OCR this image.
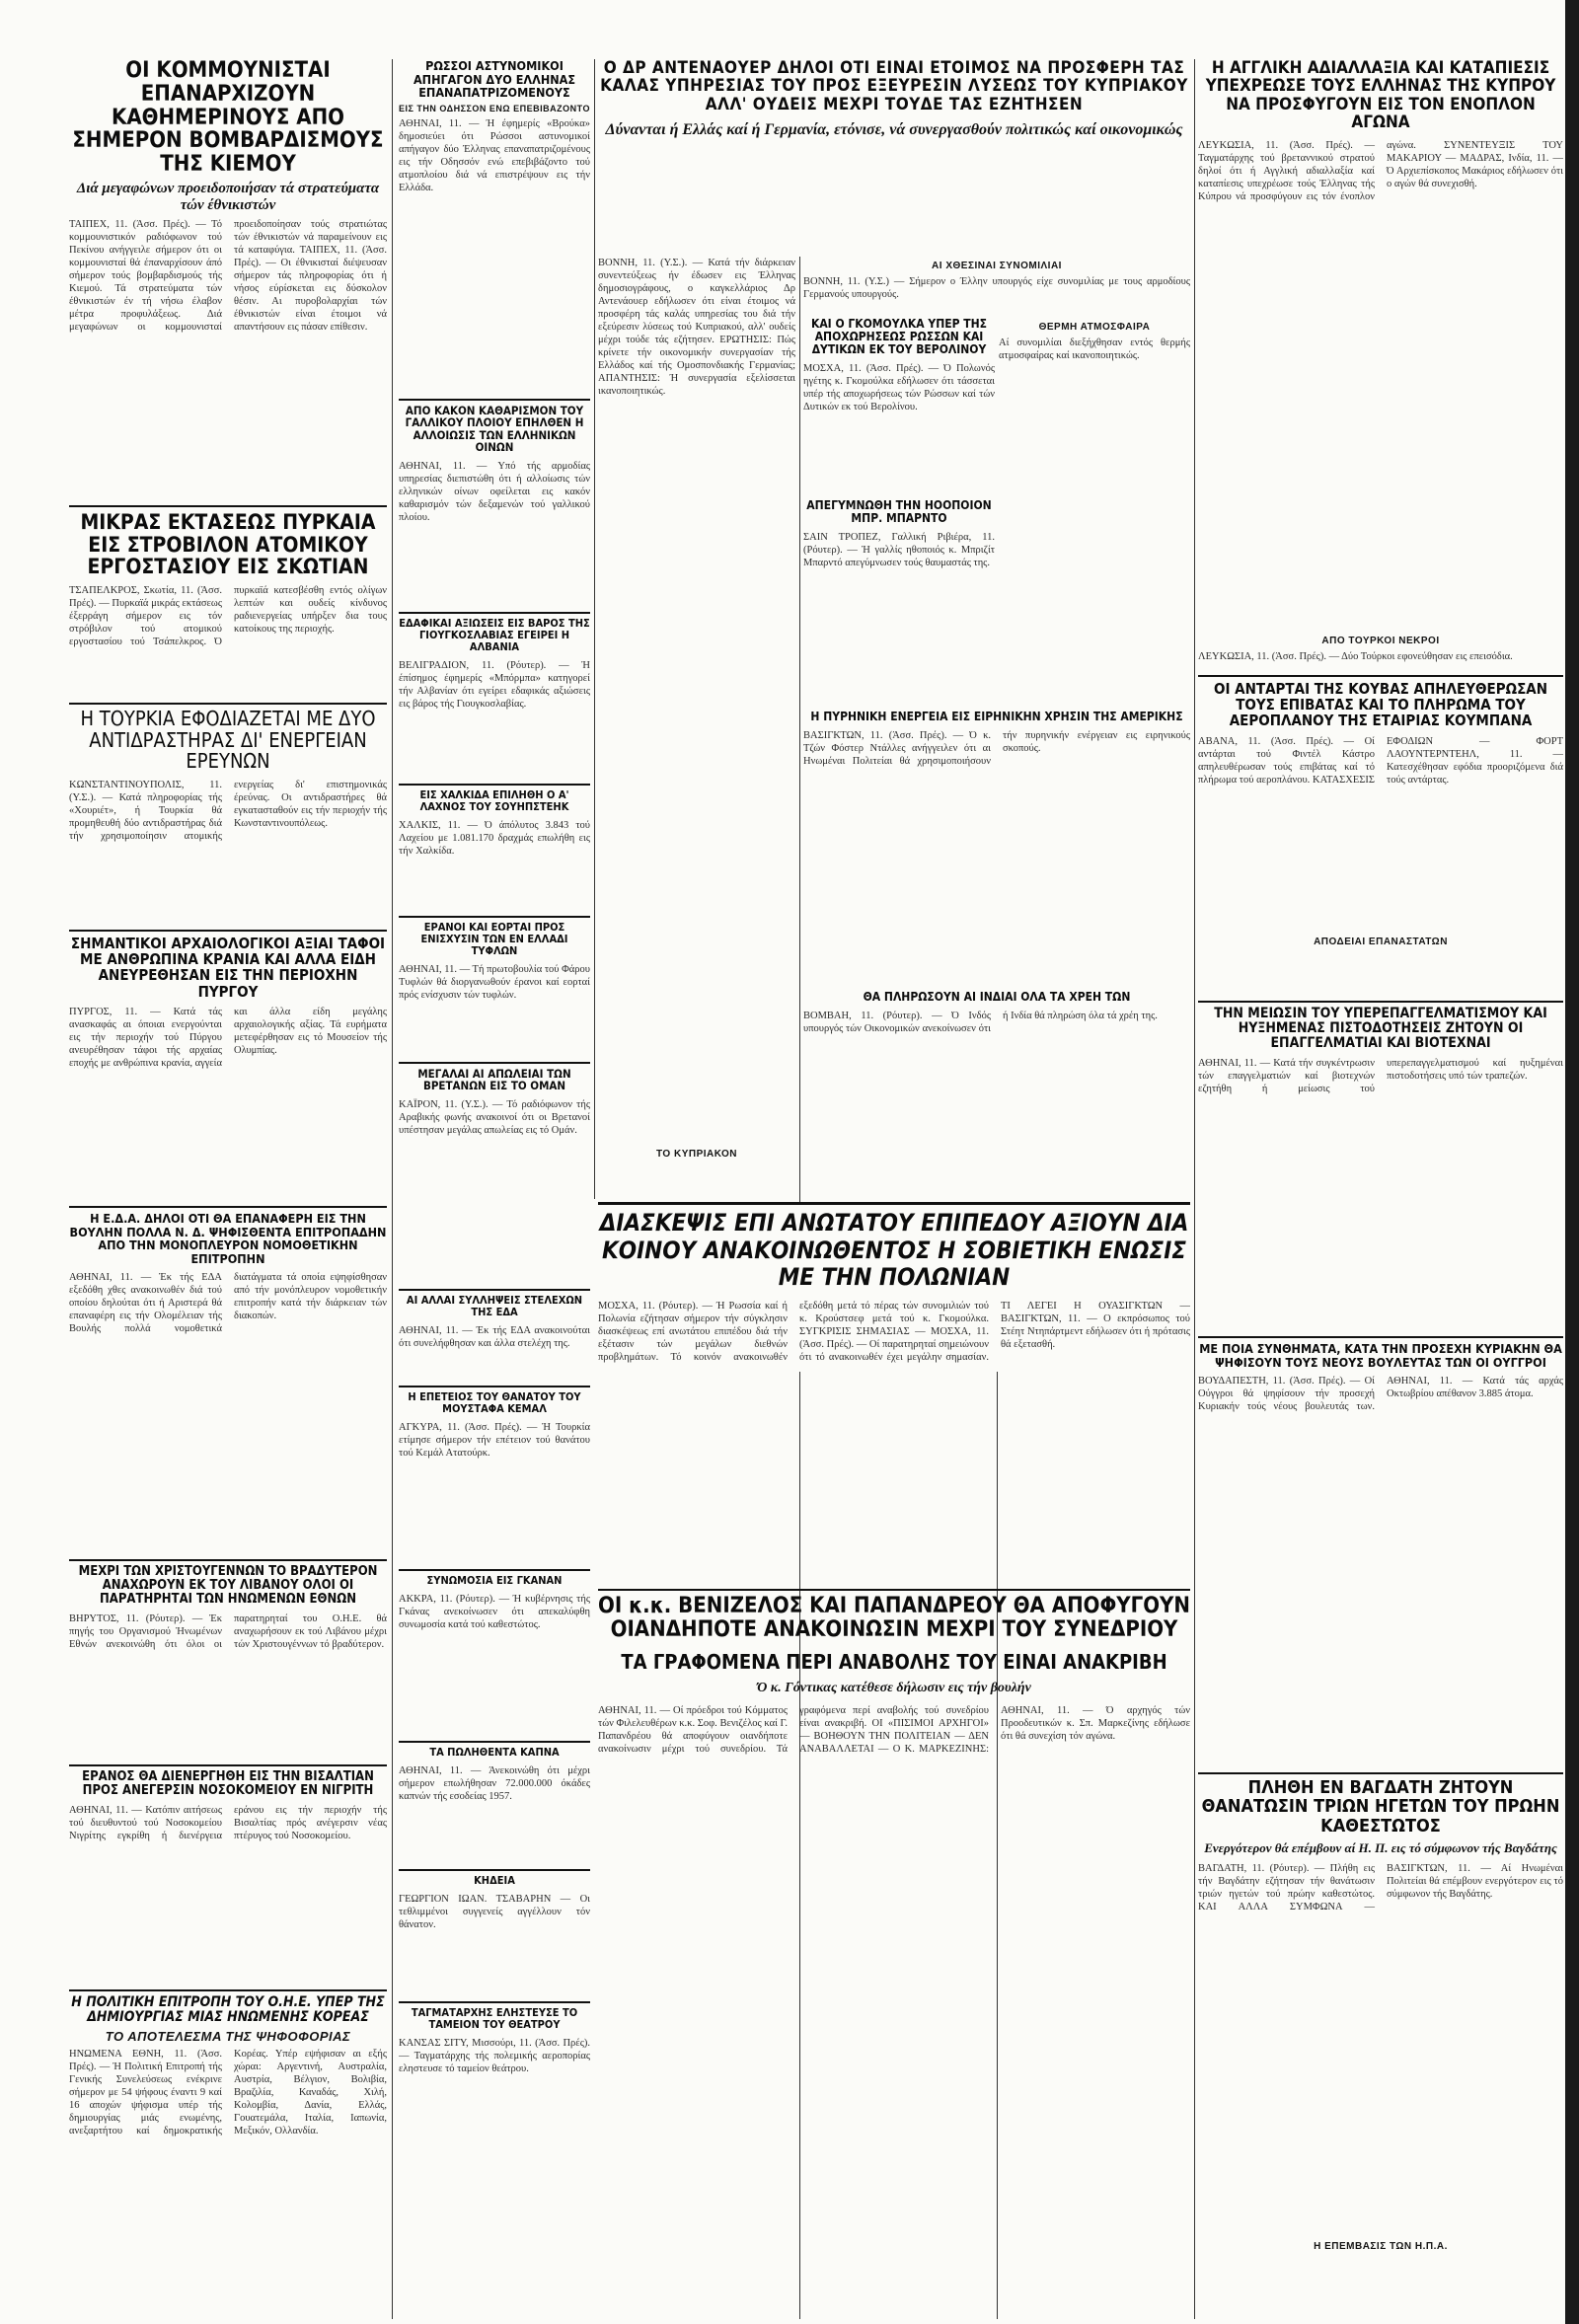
ΟΙ ΚΟΜΜΟΥΝΙΣΤΑΙ ΕΠΑΝΑΡΧΙΖΟΥΝ ΚΑΘΗΜΕΡΙΝΟΥΣ ΑΠΟ ΣΗΜΕΡΟΝ ΒΟΜΒΑΡΔΙΣΜΟΥΣ ΤΗΣ ΚΙΕΜΟΥ
Διά μεγαφώνων προειδοποιήσαν τά στρατεύματα τών έθνικιστών

ΤΑΙΠΕΧ, 11. (Άσσ. Πρές). — Τό κομμουνιστικόν ραδιόφωνον τού Πεκίνου ανήγγειλε σήμερον ότι οι κομμουνισταί θά έπαναρχίσουν άπό σήμερον τούς βομβαρδισμούς τής Κιεμού. Τά στρατεύματα τών έθνικιστών έν τή νήσω έλαβον μέτρα προφυλάξεως. Διά μεγαφώνων οι κομμουνισταί προειδοποίησαν τούς στρατιώτας τών έθνικιστών νά παραμείνουν εις τά καταφύγια. ΤΑΙΠΕΧ, 11. (Άσσ. Πρές). — Οι έθνικισταί διέψευσαν σήμερον τάς πληροφορίας ότι ή νήσος εύρίσκεται εις δύσκολον θέσιν. Αι πυροβολαρχίαι τών έθνικιστών είναι έτοιμοι νά απαντήσουν εις πάσαν επίθεσιν.

ΜΙΚΡΑΣ ΕΚΤΑΣΕΩΣ ΠΥΡΚΑΙΑ ΕΙΣ ΣΤΡΟΒΙΛΟΝ ΑΤΟΜΙΚΟΥ ΕΡΓΟΣΤΑΣΙΟΥ ΕΙΣ ΣΚΩΤΙΑΝ

ΤΣΑΠΕΛΚΡΟΣ, Σκωτία, 11. (Άσσ. Πρές). — Πυρκαϊά μικράς εκτάσεως έξερράγη σήμερον εις τόν στρόβιλον τού ατομικού εργοστασίου τού Τσάπελκρος. Ό πυρκαϊά κατεσβέσθη εντός ολίγων λεπτών και ουδείς κίνδυνος ραδιενεργείας υπήρξεν δια τους κατοίκους της περιοχής.

Η ΤΟΥΡΚΙΑ ΕΦΟΔΙΑΖΕΤΑΙ ΜΕ ΔΥΟ ΑΝΤΙΔΡΑΣΤΗΡΑΣ ΔΙ' ΕΝΕΡΓΕΙΑΝ ΕΡΕΥΝΩΝ

ΚΩΝΣΤΑΝΤΙΝΟΥΠΟΛΙΣ, 11. (Υ.Σ.). — Κατά πληροφορίας τής «Χουριέτ», ή Τουρκία θά προμηθευθή δύο αντιδραστήρας διά τήν χρησιμοποίησιν ατομικής ενεργείας δι' επιστημονικάς έρεύνας. Οι αντιδραστήρες θά εγκατασταθούν εις τήν περιοχήν τής Κωνσταντινουπόλεως.

ΣΗΜΑΝΤΙΚΟΙ ΑΡΧΑΙΟΛΟΓΙΚΟΙ ΑΞΙΑΙ ΤΑΦΟΙ ΜΕ ΑΝΘΡΩΠΙΝΑ ΚΡΑΝΙΑ ΚΑΙ ΑΛΛΑ ΕΙΔΗ ΑΝΕΥΡΕΘΗΣΑΝ ΕΙΣ ΤΗΝ ΠΕΡΙΟΧΗΝ ΠΥΡΓΟΥ

ΠΥΡΓΟΣ, 11. — Κατά τάς ανασκαφάς αι όποιαι ενεργούνται εις τήν περιοχήν τού Πύργου ανευρέθησαν τάφοι τής αρχαίας εποχής με ανθρώπινα κρανία, αγγεία και άλλα είδη μεγάλης αρχαιολογικής αξίας. Τά ευρήματα μετεφέρθησαν εις τό Μουσείον τής Ολυμπίας.

Η Ε.Δ.Α. ΔΗΛΟΙ ΟΤΙ ΘΑ ΕΠΑΝΑΦΕΡΗ ΕΙΣ ΤΗΝ ΒΟΥΛΗΝ ΠΟΛΛΑ Ν. Δ. ΨΗΦΙΣΘΕΝΤΑ ΕΠΙΤΡΟΠΑΔΗΝ ΑΠΟ ΤΗΝ ΜΟΝΟΠΛΕΥΡΟΝ ΝΟΜΟΘΕΤΙΚΗΝ ΕΠΙΤΡΟΠΗΝ

ΑΘΗΝΑΙ, 11. — Έκ τής ΕΔΑ εξεδόθη χθες ανακοινωθέν διά τού οποίου δηλούται ότι ή Αριστερά θά επαναφέρη εις τήν Ολομέλειαν τής Βουλής πολλά νομοθετικά διατάγματα τά οποία εψηφίσθησαν από τήν μονόπλευρον νομοθετικήν επιτροπήν κατά τήν διάρκειαν τών διακοπών.

ΜΕΧΡΙ ΤΩΝ ΧΡΙΣΤΟΥΓΕΝΝΩΝ ΤΟ ΒΡΑΔΥΤΕΡΟΝ ΑΝΑΧΩΡΟΥΝ ΕΚ ΤΟΥ ΛΙΒΑΝΟΥ ΟΛΟΙ ΟΙ ΠΑΡΑΤΗΡΗΤΑΙ ΤΩΝ ΗΝΩΜΕΝΩΝ ΕΘΝΩΝ

ΒΗΡΥΤΟΣ, 11. (Ρόυτερ). — Έκ πηγής του Οργανισμού Ήνωμένων Εθνών ανεκοινώθη ότι όλοι οι παρατηρηταί του Ο.Η.Ε. θά αναχωρήσουν εκ τού Λιβάνου μέχρι τών Χριστουγέννων τό βραδύτερον.

ΕΡΑΝΟΣ ΘΑ ΔΙΕΝΕΡΓΗΘΗ ΕΙΣ ΤΗΝ ΒΙΣΑΛΤΙΑΝ ΠΡΟΣ ΑΝΕΓΕΡΣΙΝ ΝΟΣΟΚΟΜΕΙΟΥ ΕΝ ΝΙΓΡΙΤΗ

ΑΘΗΝΑΙ, 11. — Κατόπιν αιτήσεως τού διευθυντού τού Νοσοκομείου Νιγρίτης εγκρίθη ή διενέργεια εράνου εις τήν περιοχήν τής Βισαλτίας πρός ανέγερσιν νέας πτέρυγος τού Νοσοκομείου.

Η ΠΟΛΙΤΙΚΗ ΕΠΙΤΡΟΠΗ ΤΟΥ Ο.Η.Ε. ΥΠΕΡ ΤΗΣ ΔΗΜΙΟΥΡΓΙΑΣ ΜΙΑΣ ΗΝΩΜΕΝΗΣ ΚΟΡΕΑΣ
ΤΟ ΑΠΟΤΕΛΕΣΜΑ ΤΗΣ ΨΗΦΟΦΟΡΙΑΣ

ΗΝΩΜΕΝΑ ΕΘΝΗ, 11. (Άσσ. Πρές). — Ή Πολιτική Επιτροπή τής Γενικής Συνελεύσεως ενέκρινε σήμερον με 54 ψήφους έναντι 9 καί 16 αποχών ψήφισμα υπέρ τής δημιουργίας μιάς ενωμένης, ανεξαρτήτου καί δημοκρατικής Κορέας. Υπέρ εψήφισαν αι εξής χώραι: Αργεντινή, Αυστραλία, Αυστρία, Βέλγιον, Βολιβία, Βραζιλία, Καναδάς, Χιλή, Κολομβία, Δανία, Ελλάς, Γουατεμάλα, Ιταλία, Ιαπωνία, Μεξικόν, Ολλανδία.

ΡΩΣΣΟΙ ΑΣΤΥΝΟΜΙΚΟΙ ΑΠΗΓΑΓΟΝ ΔΥΟ ΕΛΛΗΝΑΣ ΕΠΑΝΑΠΑΤΡΙΖΟΜΕΝΟΥΣ
ΕΙΣ ΤΗΝ ΟΔΗΣΣΟΝ ΕΝΩ ΕΠΕΒΙΒΑΖΟΝΤΟ

ΑΘΗΝΑΙ, 11. — Ή έφημερίς «Βρούκα» δημοσιεύει ότι Ρώσσοι αστυνομικοί απήγαγον δύο Έλληνας επαναπατριζομένους εις τήν Οδησσόν ενώ επεβιβάζοντο τού ατμοπλοίου διά νά επιστρέψουν εις τήν Ελλάδα.

ΑΠΟ ΚΑΚΟΝ ΚΑΘΑΡΙΣΜΟΝ ΤΟΥ ΓΑΛΛΙΚΟΥ ΠΛΟΙΟΥ ΕΠΗΛΘΕΝ Η ΑΛΛΟΙΩΣΙΣ ΤΩΝ ΕΛΛΗΝΙΚΩΝ ΟΙΝΩΝ

ΑΘΗΝΑΙ, 11. — Υπό τής αρμοδίας υπηρεσίας διεπιστώθη ότι ή αλλοίωσις τών ελληνικών οίνων οφείλεται εις κακόν καθαρισμόν τών δεξαμενών τού γαλλικού πλοίου.

ΕΔΑΦΙΚΑΙ ΑΞΙΩΣΕΙΣ ΕΙΣ ΒΑΡΟΣ ΤΗΣ ΓΙΟΥΓΚΟΣΛΑΒΙΑΣ ΕΓΕΙΡΕΙ Η ΑΛΒΑΝΙΑ

ΒΕΛΙΓΡΑΔΙΟΝ, 11. (Ρόυτερ). — Ή έπίσημος έφημερίς «Μπόρμπα» κατηγορεί τήν Αλβανίαν ότι εγείρει εδαφικάς αξιώσεις εις βάρος τής Γιουγκοσλαβίας.

ΕΙΣ ΧΑΛΚΙΔΑ ΕΠΙΛΗΘΗ Ο Α' ΛΑΧΝΟΣ ΤΟΥ ΣΟΥΗΠΣΤΕΗΚ

ΧΑΛΚΙΣ, 11. — Ό άπόλυτος 3.843 τού Λαχείου με 1.081.170 δραχμάς επωλήθη εις τήν Χαλκίδα.

ΕΡΑΝΟΙ ΚΑΙ ΕΟΡΤΑΙ ΠΡΟΣ ΕΝΙΣΧΥΣΙΝ ΤΩΝ ΕΝ ΕΛΛΑΔΙ ΤΥΦΛΩΝ

ΑΘΗΝΑΙ, 11. — Τή πρωτοβουλία τού Φάρου Τυφλών θά διοργανωθούν έρανοι καί εορταί πρός ενίσχυσιν τών τυφλών.

ΜΕΓΑΛΑΙ ΑΙ ΑΠΩΛΕΙΑΙ ΤΩΝ ΒΡΕΤΑΝΩΝ ΕΙΣ ΤΟ ΟΜΑΝ

ΚΑΪΡΟΝ, 11. (Υ.Σ.). — Τό ραδιόφωνον τής Αραβικής φωνής ανακοινοί ότι οι Βρετανοί υπέστησαν μεγάλας απωλείας εις τό Ομάν.

ΑΙ ΑΛΛΑΙ ΣΥΛΛΗΨΕΙΣ ΣΤΕΛΕΧΩΝ ΤΗΣ ΕΔΑ

ΑΘΗΝΑΙ, 11. — Έκ τής ΕΔΑ ανακοινούται ότι συνελήφθησαν και άλλα στελέχη της.

Η ΕΠΕΤΕΙΟΣ ΤΟΥ ΘΑΝΑΤΟΥ ΤΟΥ ΜΟΥΣΤΑΦΑ ΚΕΜΑΛ

ΑΓΚΥΡΑ, 11. (Άσσ. Πρές). — Ή Τουρκία ετίμησε σήμερον τήν επέτειον τού θανάτου τού Κεμάλ Ατατούρκ.

ΣΥΝΩΜΟΣΙΑ ΕΙΣ ΓΚΑΝΑΝ

ΑΚΚΡΑ, 11. (Ρόυτερ). — Ή κυβέρνησις τής Γκάνας ανεκοίνωσεν ότι απεκαλύφθη συνωμοσία κατά τού καθεστώτος.

ΤΑ ΠΩΛΗΘΕΝΤΑ ΚΑΠΝΑ

ΑΘΗΝΑΙ, 11. — Άνεκοινώθη ότι μέχρι σήμερον επωλήθησαν 72.000.000 όκάδες καπνών τής εσοδείας 1957.

ΚΗΔΕΙΑ

ΓΕΩΡΓΙΟΝ ΙΩΑΝ. ΤΣΑΒΑΡΗΝ — Οι τεθλιμμένοι συγγενείς αγγέλλουν τόν θάνατον.

ΤΑΓΜΑΤΑΡΧΗΣ ΕΛΗΣΤΕΥΣΕ ΤΟ ΤΑΜΕΙΟΝ ΤΟΥ ΘΕΑΤΡΟΥ

ΚΑΝΣΑΣ ΣΙΤΥ, Μισσούρι, 11. (Άσσ. Πρές). — Ταγματάρχης τής πολεμικής αεροπορίας εληστευσε τό ταμείον θεάτρου.

Ο ΔΡ ΑΝΤΕΝΑΟΥΕΡ ΔΗΛΟΙ ΟΤΙ ΕΙΝΑΙ ΕΤΟΙΜΟΣ ΝΑ ΠΡΟΣΦΕΡΗ ΤΑΣ ΚΑΛΑΣ ΥΠΗΡΕΣΙΑΣ ΤΟΥ ΠΡΟΣ ΕΞΕΥΡΕΣΙΝ ΛΥΣΕΩΣ ΤΟΥ ΚΥΠΡΙΑΚΟΥ ΑΛΛ' ΟΥΔΕΙΣ ΜΕΧΡΙ ΤΟΥΔΕ ΤΑΣ ΕΖΗΤΗΣΕΝ
Δύνανται ή Ελλάς καί ή Γερμανία, ετόνισε, νά συνεργασθούν πολιτικώς καί οικονομικώς

ΒΟΝΝΗ, 11. (Υ.Σ.). — Κατά τήν διάρκειαν συνεντεύξεως ήν έδωσεν εις Έλληνας δημοσιογράφους, ο καγκελλάριος Δρ Αντενάουερ εδήλωσεν ότι είναι έτοιμος νά προσφέρη τάς καλάς υπηρεσίας του διά τήν εξεύρεσιν λύσεως τού Κυπριακού, αλλ' ουδείς μέχρι τούδε τάς εζήτησεν. ΕΡΩΤΗΣΙΣ: Πώς κρίνετε τήν οικονομικήν συνεργασίαν τής Ελλάδος καί τής Ομοσπονδιακής Γερμανίας; ΑΠΑΝΤΗΣΙΣ: Ή συνεργασία εξελίσσεται ικανοποιητικώς.

ΤΟ ΚΥΠΡΙΑΚΟΝ
ΑΙ ΧΘΕΣΙΝΑΙ ΣΥΝΟΜΙΛΙΑΙ

ΒΟΝΝΗ, 11. (Υ.Σ.) — Σήμερον ο Έλλην υπουργός είχε συνομιλίας με τους αρμοδίους Γερμανούς υπουργούς.

ΚΑΙ Ο ΓΚΟΜΟΥΛΚΑ ΥΠΕΡ ΤΗΣ ΑΠΟΧΩΡΗΣΕΩΣ ΡΩΣΣΩΝ ΚΑΙ ΔΥΤΙΚΩΝ ΕΚ ΤΟΥ ΒΕΡΟΛΙΝΟΥ

ΜΟΣΧΑ, 11. (Άσσ. Πρές). — Ό Πολωνός ηγέτης κ. Γκομούλκα εδήλωσεν ότι τάσσεται υπέρ τής αποχωρήσεως τών Ρώσσων καί τών Δυτικών εκ τού Βερολίνου.

ΑΠΕΓΥΜΝΩΘΗ ΤΗΝ ΗΟΟΠΟΙΟΝ ΜΠΡ. ΜΠΑΡΝΤΟ

ΣΑΙΝ ΤΡΟΠΕΖ, Γαλλική Ριβιέρα, 11. (Ρόυτερ). — Ή γαλλίς ηθοποιός κ. Μπριζίτ Μπαρντό απεγύμνωσεν τούς θαυμαστάς της.

ΘΕΡΜΗ ΑΤΜΟΣΦΑΙΡΑ

Αί συνομιλίαι διεξήχθησαν εντός θερμής ατμοσφαίρας καί ικανοποιητικώς.

Η ΠΥΡΗΝΙΚΗ ΕΝΕΡΓΕΙΑ ΕΙΣ ΕΙΡΗΝΙΚΗΝ ΧΡΗΣΙΝ ΤΗΣ ΑΜΕΡΙΚΗΣ

ΒΑΣΙΓΚΤΩΝ, 11. (Άσσ. Πρές). — Ό κ. Τζών Φόστερ Ντάλλες ανήγγειλεν ότι αι Ηνωμέναι Πολιτείαι θά χρησιμοποιήσουν τήν πυρηνικήν ενέργειαν εις ειρηνικούς σκοπούς.

ΘΑ ΠΛΗΡΩΣΟΥΝ ΑΙ ΙΝΔΙΑΙ ΟΛΑ ΤΑ ΧΡΕΗ ΤΩΝ

ΒΟΜΒΑΗ, 11. (Ρόυτερ). — Ό Ινδός υπουργός τών Οικονομικών ανεκοίνωσεν ότι ή Ινδία θά πληρώση όλα τά χρέη της.

ΔΙΑΣΚΕΨΙΣ ΕΠΙ ΑΝΩΤΑΤΟΥ ΕΠΙΠΕΔΟΥ ΑΞΙΟΥΝ ΔΙΑ ΚΟΙΝΟΥ ΑΝΑΚΟΙΝΩΘΕΝΤΟΣ Η ΣΟΒΙΕΤΙΚΗ ΕΝΩΣΙΣ ΜΕ ΤΗΝ ΠΟΛΩΝΙΑΝ

ΜΟΣΧΑ, 11. (Ρόυτερ). — Ή Ρωσσία καί ή Πολωνία εζήτησαν σήμερον τήν σύγκλησιν διασκέψεως επί ανωτάτου επιπέδου διά τήν εξέτασιν τών μεγάλων διεθνών προβλημάτων. Τό κοινόν ανακοινωθέν εξεδόθη μετά τό πέρας τών συνομιλιών τού κ. Κρούστσεφ μετά τού κ. Γκομούλκα. ΣΥΓΚΡΙΣΙΣ ΣΗΜΑΣΙΑΣ — ΜΟΣΧΑ, 11. (Άσσ. Πρές). — Οί παρατηρηταί σημειώνουν ότι τό ανακοινωθέν έχει μεγάλην σημασίαν. ΤΙ ΛΕΓΕΙ Η ΟΥΑΣΙΓΚΤΩΝ — ΒΑΣΙΓΚΤΩΝ, 11. — Ο εκπρόσωπος τού Στέητ Ντηπάρτμεντ εδήλωσεν ότι ή πρότασις θά εξετασθή.

ΟΙ κ.κ. ΒΕΝΙΖΕΛΟΣ ΚΑΙ ΠΑΠΑΝΔΡΕΟΥ ΘΑ ΑΠΟΦΥΓΟΥΝ ΟΙΑΝΔΗΠΟΤΕ ΑΝΑΚΟΙΝΩΣΙΝ ΜΕΧΡΙ ΤΟΥ ΣΥΝΕΔΡΙΟΥ
ΤΑ ΓΡΑΦΟΜΕΝΑ ΠΕΡΙ ΑΝΑΒΟΛΗΣ ΤΟΥ ΕΙΝΑΙ ΑΝΑΚΡΙΒΗ
Ό κ. Γόντικας κατέθεσε δήλωσιν εις τήν βουλήν

ΑΘΗΝΑΙ, 11. — Οί πρόεδροι τού Κόμματος τών Φιλελευθέρων κ.κ. Σοφ. Βενιζέλος καί Γ. Παπανδρέου θά αποφύγουν οιανδήποτε ανακοίνωσιν μέχρι τού συνεδρίου. Τά γραφόμενα περί αναβολής τού συνεδρίου είναι ανακριβή. ΟΙ «ΠΙΣΙΜΟΙ ΑΡΧΗΓΟΙ» — ΒΟΗΘΟΥΝ ΤΗΝ ΠΟΛΙΤΕΙΑΝ — ΔΕΝ ΑΝΑΒΑΛΛΕΤΑΙ — Ο Κ. ΜΑΡΚΕΖΙΝΗΣ: ΑΘΗΝΑΙ, 11. — Ό αρχηγός τών Προοδευτικών κ. Σπ. Μαρκεζίνης εδήλωσε ότι θά συνεχίση τόν αγώνα.

Η ΑΓΓΛΙΚΗ ΑΔΙΑΛΛΑΞΙΑ ΚΑΙ ΚΑΤΑΠΙΕΣΙΣ ΥΠΕΧΡΕΩΣΕ ΤΟΥΣ ΕΛΛΗΝΑΣ ΤΗΣ ΚΥΠΡΟΥ ΝΑ ΠΡΟΣΦΥΓΟΥΝ ΕΙΣ ΤΟΝ ΕΝΟΠΛΟΝ ΑΓΩΝΑ

ΛΕΥΚΩΣΙΑ, 11. (Άσσ. Πρές). — Ταγματάρχης τού βρεταννικού στρατού δηλοί ότι ή Αγγλική αδιαλλαξία καί καταπίεσις υπεχρέωσε τούς Έλληνας τής Κύπρου νά προσφύγουν εις τόν ένοπλον αγώνα. ΣΥΝΕΝΤΕΥΞΙΣ ΤΟΥ ΜΑΚΑΡΙΟΥ — ΜΑΔΡΑΣ, Ινδία, 11. — Ό Αρχιεπίσκοπος Μακάριος εδήλωσεν ότι ο αγών θά συνεχισθή.

ΑΠΟ ΤΟΥΡΚΟΙ ΝΕΚΡΟΙ

ΛΕΥΚΩΣΙΑ, 11. (Άσσ. Πρές). — Δύο Τούρκοι εφονεύθησαν εις επεισόδια.

ΟΙ ΑΝΤΑΡΤΑΙ ΤΗΣ ΚΟΥΒΑΣ ΑΠΗΛΕΥΘΕΡΩΣΑΝ ΤΟΥΣ ΕΠΙΒΑΤΑΣ ΚΑΙ ΤΟ ΠΛΗΡΩΜΑ ΤΟΥ ΑΕΡΟΠΛΑΝΟΥ ΤΗΣ ΕΤΑΙΡΙΑΣ ΚΟΥΜΠΑΝΑ

ΑΒΑΝΑ, 11. (Άσσ. Πρές). — Οί αντάρται τού Φιντέλ Κάστρο απηλευθέρωσαν τούς επιβάτας καί τό πλήρωμα τού αεροπλάνου. ΚΑΤΑΣΧΕΣΙΣ ΕΦΟΔΙΩΝ — ΦΟΡΤ ΛΑΟΥΝΤΕΡΝΤΕΗΛ, 11. — Κατεσχέθησαν εφόδια προοριζόμενα διά τούς αντάρτας.

ΑΠΟΔΕΙΑΙ ΕΠΑΝΑΣΤΑΤΩΝ
ΤΗΝ ΜΕΙΩΣΙΝ ΤΟΥ ΥΠΕΡΕΠΑΓΓΕΛΜΑΤΙΣΜΟΥ ΚΑΙ ΗΥΞΗΜΕΝΑΣ ΠΙΣΤΟΔΟΤΗΣΕΙΣ ΖΗΤΟΥΝ ΟΙ ΕΠΑΓΓΕΛΜΑΤΙΑΙ ΚΑΙ ΒΙΟΤΕΧΝΑΙ

ΑΘΗΝΑΙ, 11. — Κατά τήν συγκέντρωσιν τών επαγγελματιών καί βιοτεχνών εζητήθη ή μείωσις τού υπερεπαγγελματισμού καί ηυξημέναι πιστοδοτήσεις υπό τών τραπεζών.

ΜΕ ΠΟΙΑ ΣΥΝΘΗΜΑΤΑ, ΚΑΤΑ ΤΗΝ ΠΡΟΣΕΧΗ ΚΥΡΙΑΚΗΝ ΘΑ ΨΗΦΙΣΟΥΝ ΤΟΥΣ ΝΕΟΥΣ ΒΟΥΛΕΥΤΑΣ ΤΩΝ ΟΙ ΟΥΓΓΡΟΙ

ΒΟΥΔΑΠΕΣΤΗ, 11. (Άσσ. Πρές). — Οί Ούγγροι θά ψηφίσουν τήν προσεχή Κυριακήν τούς νέους βουλευτάς των. ΑΘΗΝΑΙ, 11. — Κατά τάς αρχάς Οκτωβρίου απέθανον 3.885 άτομα.

ΠΛΗΘΗ ΕΝ ΒΑΓΔΑΤΗ ΖΗΤΟΥΝ ΘΑΝΑΤΩΣΙΝ ΤΡΙΩΝ ΗΓΕΤΩΝ ΤΟΥ ΠΡΩΗΝ ΚΑΘΕΣΤΩΤΟΣ
Ενεργότερον θά επέμβουν αί Η. Π. εις τό σύμφωνον τής Βαγδάτης

ΒΑΓΔΑΤΗ, 11. (Ρόυτερ). — Πλήθη εις τήν Βαγδάτην εζήτησαν τήν θανάτωσιν τριών ηγετών τού πρώην καθεστώτος. ΚΑΙ ΑΛΛΑ ΣΥΜΦΩΝΑ — ΒΑΣΙΓΚΤΩΝ, 11. — Αί Ηνωμέναι Πολιτείαι θά επέμβουν ενεργότερον εις τό σύμφωνον τής Βαγδάτης.

Η ΕΠΕΜΒΑΣΙΣ ΤΩΝ Η.Π.Α.
